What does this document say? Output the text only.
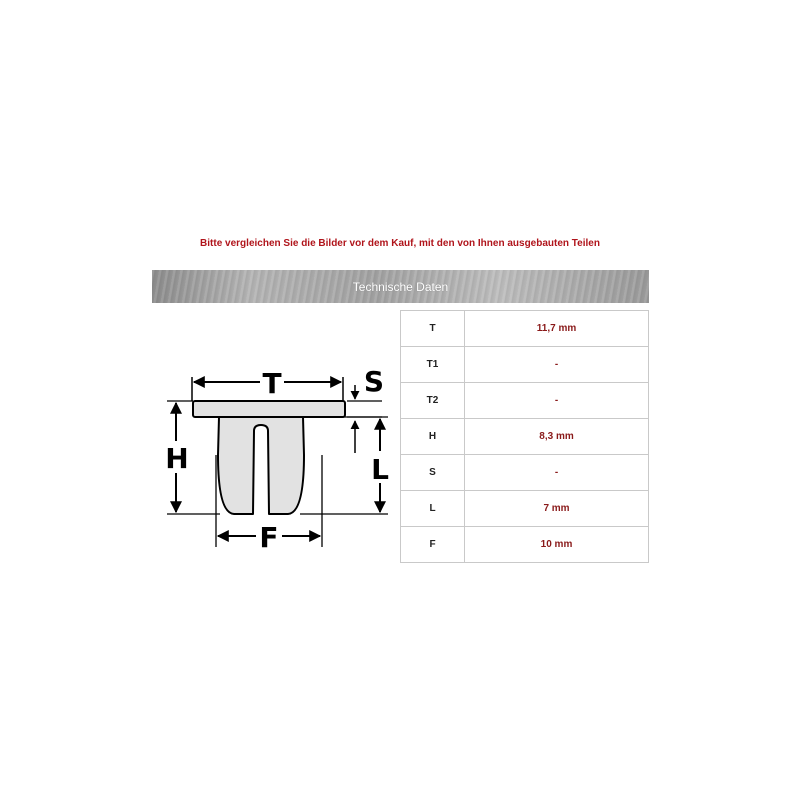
Bitte vergleichen Sie die Bilder vor dem Kauf, mit den von Ihnen ausgebauten Teilen
Technische Daten
T	S
H	L
F
T	11,7 mm
T1	-
T2	-
H	8,3 mm
S	-
L	7 mm
F	10 mm
